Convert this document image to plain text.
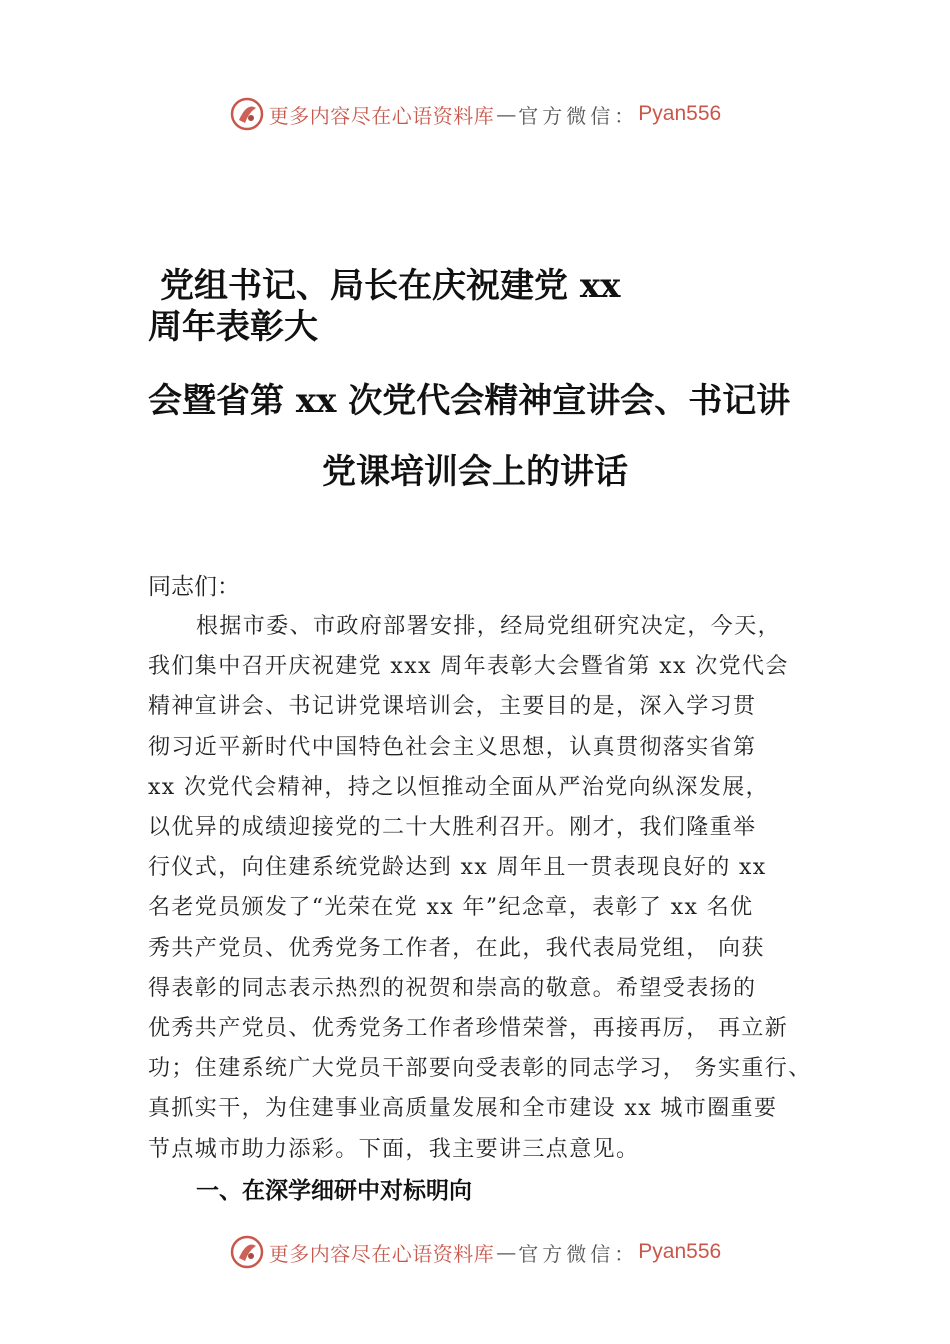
更多内容尽在心语资料库 — 官方微信： Pyan556
党组书记、局长在庆祝建党 xx
周年表彰大
会暨省第 xx 次党代会精神宣讲会、书记讲
党课培训会上的讲话
同志们：
根据市委、市政府部署安排，经局党组研究决定，今天，
我们集中召开庆祝建党 xxx 周年表彰大会暨省第 xx 次党代会
精神宣讲会、书记讲党课培训会，主要目的是，深入学习贯
彻习近平新时代中国特色社会主义思想，认真贯彻落实省第
xx 次党代会精神，持之以恒推动全面从严治党向纵深发展，
以优异的成绩迎接党的二十大胜利召开。刚才，我们隆重举
行仪式，向住建系统党龄达到 xx 周年且一贯表现良好的 xx
名老党员颁发了“光荣在党 xx 年”纪念章，表彰了 xx 名优
秀共产党员、优秀党务工作者，在此，我代表局党组， 向获
得表彰的同志表示热烈的祝贺和崇高的敬意。希望受表扬的
优秀共产党员、优秀党务工作者珍惜荣誉，再接再厉， 再立新
功；住建系统广大党员干部要向受表彰的同志学习， 务实重行、
真抓实干，为住建事业高质量发展和全市建设 xx 城市圈重要
节点城市助力添彩。下面，我主要讲三点意见。
一、在深学细研中对标明向
更多内容尽在心语资料库 — 官方微信： Pyan556
